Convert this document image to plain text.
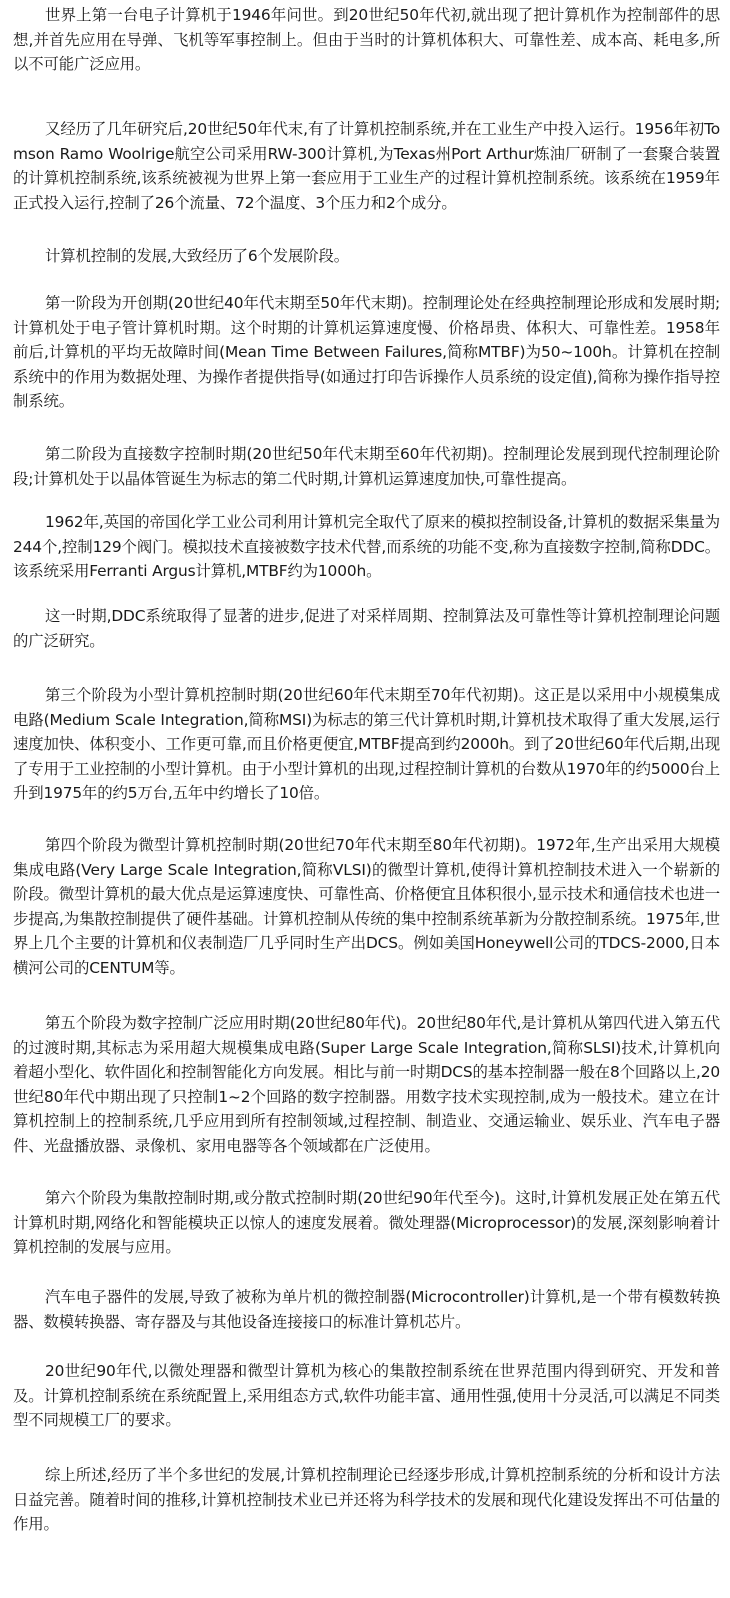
世界上第一台电子计算机于1946年问世。到20世纪50年代初,就出现了把计算机作为控制部件的思想,并首先应用在导弹、飞机等军事控制上。但由于当时的计算机体积大、可靠性差、成本高、耗电多,所以不可能广泛应用。

又经历了几年研究后,20世纪50年代末,有了计算机控制系统,并在工业生产中投入运行。1956年初Tomson Ramo Woolrige航空公司采用RW-300计算机,为Texas州Port Arthur炼油厂研制了一套聚合装置的计算机控制系统,该系统被视为世界上第一套应用于工业生产的过程计算机控制系统。该系统在1959年正式投入运行,控制了26个流量、72个温度、3个压力和2个成分。

计算机控制的发展,大致经历了6个发展阶段。

第一阶段为开创期(20世纪40年代末期至50年代末期)。控制理论处在经典控制理论形成和发展时期;计算机处于电子管计算机时期。这个时期的计算机运算速度慢、价格昂贵、体积大、可靠性差。1958年前后,计算机的平均无故障时间(Mean Time Between Failures,简称MTBF)为50~100h。计算机在控制系统中的作用为数据处理、为操作者提供指导(如通过打印告诉操作人员系统的设定值),简称为操作指导控制系统。

第二阶段为直接数字控制时期(20世纪50年代末期至60年代初期)。控制理论发展到现代控制理论阶段;计算机处于以晶体管诞生为标志的第二代时期,计算机运算速度加快,可靠性提高。

1962年,英国的帝国化学工业公司利用计算机完全取代了原来的模拟控制设备,计算机的数据采集量为244个,控制129个阀门。模拟技术直接被数字技术代替,而系统的功能不变,称为直接数字控制,简称DDC。该系统采用Ferranti Argus计算机,MTBF约为1000h。

这一时期,DDC系统取得了显著的进步,促进了对采样周期、控制算法及可靠性等计算机控制理论问题的广泛研究。

第三个阶段为小型计算机控制时期(20世纪60年代末期至70年代初期)。这正是以采用中小规模集成电路(Medium Scale Integration,简称MSI)为标志的第三代计算机时期,计算机技术取得了重大发展,运行速度加快、体积变小、工作更可靠,而且价格更便宜,MTBF提高到约2000h。到了20世纪60年代后期,出现了专用于工业控制的小型计算机。由于小型计算机的出现,过程控制计算机的台数从1970年的约5000台上升到1975年的约5万台,五年中约增长了10倍。

第四个阶段为微型计算机控制时期(20世纪70年代末期至80年代初期)。1972年,生产出采用大规模集成电路(Very Large Scale Integration,简称VLSI)的微型计算机,使得计算机控制技术进入一个崭新的阶段。微型计算机的最大优点是运算速度快、可靠性高、价格便宜且体积很小,显示技术和通信技术也进一步提高,为集散控制提供了硬件基础。计算机控制从传统的集中控制系统革新为分散控制系统。1975年,世界上几个主要的计算机和仪表制造厂几乎同时生产出DCS。例如美国Honeywell公司的TDCS-2000,日本横河公司的CENTUM等。

第五个阶段为数字控制广泛应用时期(20世纪80年代)。20世纪80年代,是计算机从第四代进入第五代的过渡时期,其标志为采用超大规模集成电路(Super Large Scale Integration,简称SLSI)技术,计算机向着超小型化、软件固化和控制智能化方向发展。相比与前一时期DCS的基本控制器一般在8个回路以上,20世纪80年代中期出现了只控制1~2个回路的数字控制器。用数字技术实现控制,成为一般技术。建立在计算机控制上的控制系统,几乎应用到所有控制领域,过程控制、制造业、交通运输业、娱乐业、汽车电子器件、光盘播放器、录像机、家用电器等各个领域都在广泛使用。

第六个阶段为集散控制时期,或分散式控制时期(20世纪90年代至今)。这时,计算机发展正处在第五代计算机时期,网络化和智能模块正以惊人的速度发展着。微处理器(Microprocessor)的发展,深刻影响着计算机控制的发展与应用。

汽车电子器件的发展,导致了被称为单片机的微控制器(Microcontroller)计算机,是一个带有模数转换器、数模转换器、寄存器及与其他设备连接接口的标准计算机芯片。

20世纪90年代,以微处理器和微型计算机为核心的集散控制系统在世界范围内得到研究、开发和普及。计算机控制系统在系统配置上,采用组态方式,软件功能丰富、通用性强,使用十分灵活,可以满足不同类型不同规模工厂的要求。

综上所述,经历了半个多世纪的发展,计算机控制理论已经逐步形成,计算机控制系统的分析和设计方法日益完善。随着时间的推移,计算机控制技术业已并还将为科学技术的发展和现代化建设发挥出不可估量的作用。
